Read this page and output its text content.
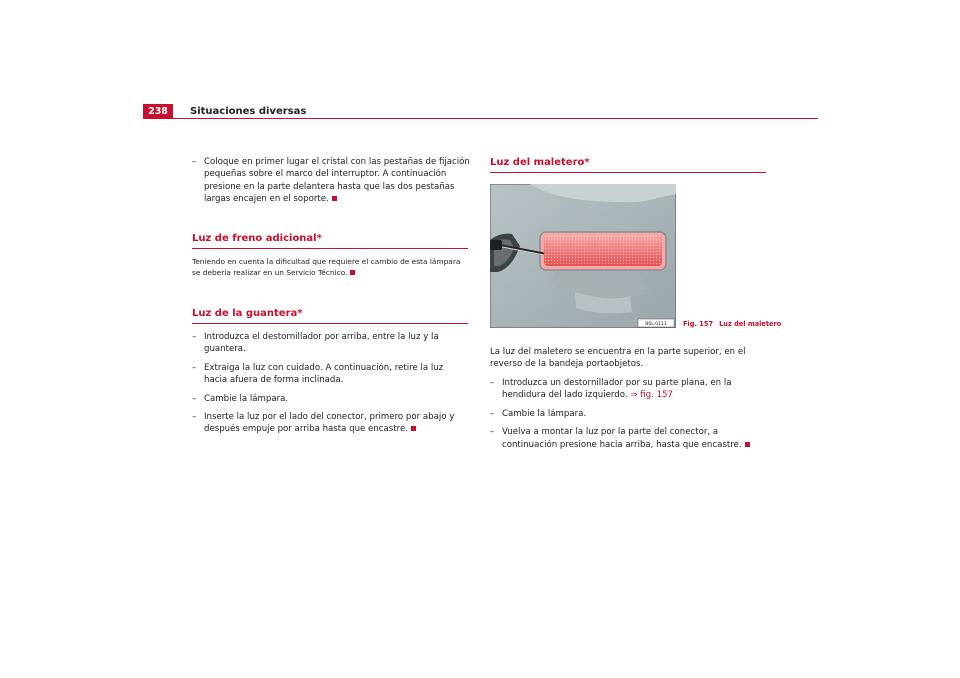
238	Situaciones diversas
– Coloque en primer lugar el cristal con las pestañas de fijación pequeñas sobre el marco del interruptor. A continuación presione en la parte delantera hasta que las dos pestañas largas encajen en el soporte.
Luz de freno adicional*

Teniendo en cuenta la dificultad que requiere el cambio de esta lámpara se debería realizar en un Servicio Técnico.

Luz de la guantera*
– Introduzca el destornillador por arriba, entre la luz y la guantera.
– Extraiga la luz con cuidado. A continuación, retire la luz hacia afuera de forma inclinada.
– Cambie la lámpara.
– Inserte la luz por el lado del conector, primero por abajo y después empuje por arriba hasta que encastre.
Luz del maletero*
B6L-0111 Fig. 157 Luz del maletero

La luz del maletero se encuentra en la parte superior, en el reverso de la bandeja portaobjetos.

– Introduzca un destornillador por su parte plana, en la hendidura del lado izquierdo. ⇒ fig. 157
– Cambie la lámpara.
– Vuelva a montar la luz por la parte del conector, a continuación presione hacia arriba, hasta que encastre.
